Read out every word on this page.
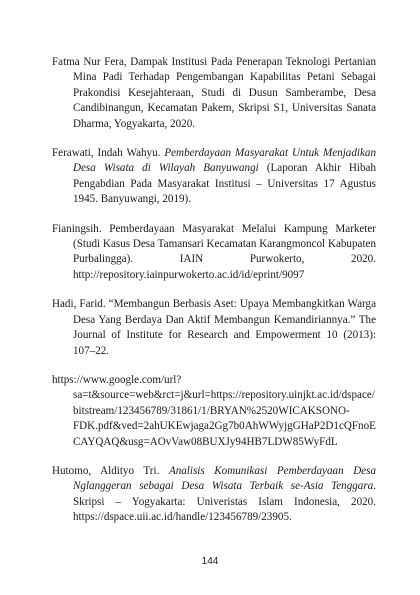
Fatma Nur Fera, Dampak Institusi Pada Penerapan Teknologi Pertanian Mina Padi Terhadap Pengembangan Kapabilitas Petani Sebagai Prakondisi Kesejahteraan, Studi di Dusun Samberambe, Desa Candibinangun, Kecamatan Pakem, Skripsi S1, Universitas Sanata Dharma, Yogyakarta, 2020.

Ferawati, Indah Wahyu. Pemberdayaan Masyarakat Untuk Menjadikan Desa Wisata di Wilayah Banyuwangi (Laporan Akhir Hibah Pengabdian Pada Masyarakat Institusi – Universitas 17 Agustus 1945. Banyuwangi, 2019).

Fianingsih. Pemberdayaan Masyarakat Melalui Kampung Marketer (Studi Kasus Desa Tamansari Kecamatan Karangmoncol Kabupaten Purbalingga). IAIN Purwokerto, 2020. http://repository.iainpurwokerto.ac.id/id/eprint/9097

Hadi, Farid. “Membangun Berbasis Aset: Upaya Membangkitkan Warga Desa Yang Berdaya Dan Aktif Membangun Kemandiriannya.” The Journal of Institute for Research and Empowerment 10 (2013): 107–22.

https://www.google.com/url?sa=t&source=web&rct=j&url=https://repository.uinjkt.ac.id/dspace/bitstream/123456789/31861/1/BRYAN%2520WICAKSONO-FDK.pdf&ved=2ahUKEwjaga2Gg7b0AhWWyjgGHaP2D1cQFnoECAYQAQ&usg=AOvVaw08BUXJy94HB7LDW85WyFdL

Hutomo, Aldityo Tri. Analisis Komunikasi Pemberdayaan Desa Nglanggeran sebagai Desa Wisata Terbaik se-Asia Tenggara. Skripsi – Yogyakarta: Univeristas Islam Indonesia, 2020. https://dspace.uii.ac.id/handle/123456789/23905.

144
